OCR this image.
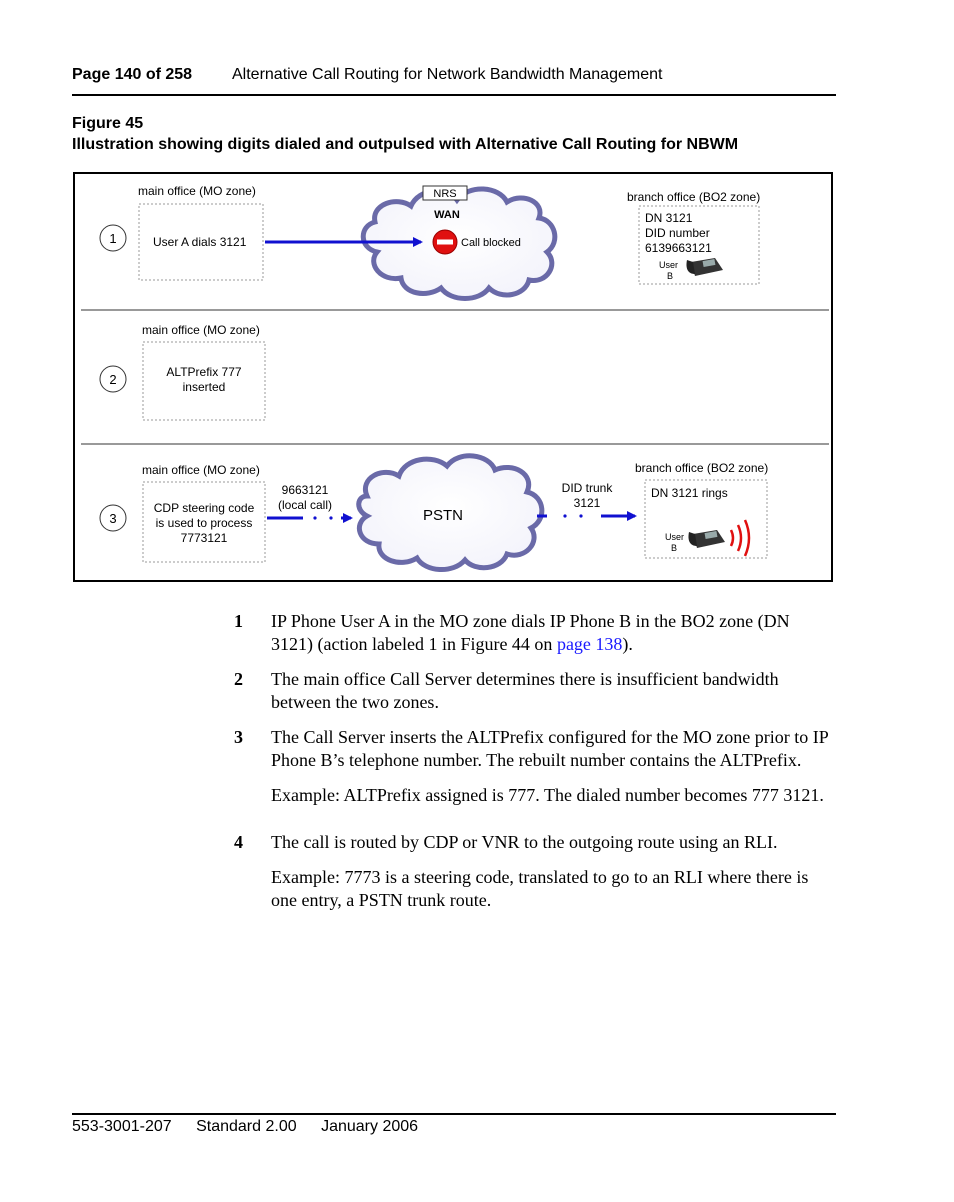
Page 140 of 258 Alternative Call Routing for Network Bandwidth Management
Figure 45
Illustration showing digits dialed and outpulsed with Alternative Call Routing for NBWM
1
main office (MO zone)
User A dials 3121
NRS
WAN
Call blocked
branch office (BO2 zone)
DN 3121
DID number
6139663121
User
B
2
main office (MO zone)
ALTPrefix 777
inserted
3
main office (MO zone)
CDP steering code
is used to process
7773121
9663121
(local call)
PSTN
DID trunk
3121
branch office (BO2 zone)
DN 3121 rings
User
B
1 IP Phone User A in the MO zone dials IP Phone B in the BO2 zone (DN 3121) (action labeled 1 in Figure 44 on page 138).

2 The main office Call Server determines there is insufficient bandwidth between the two zones.

3 The Call Server inserts the ALTPrefix configured for the MO zone prior to IP Phone B’s telephone number. The rebuilt number contains the ALTPrefix.

Example: ALTPrefix assigned is 777. The dialed number becomes 777 3121.

4 The call is routed by CDP or VNR to the outgoing route using an RLI.

Example: 7773 is a steering code, translated to go to an RLI where there is one entry, a PSTN trunk route.

553-3001-207 Standard 2.00 January 2006
